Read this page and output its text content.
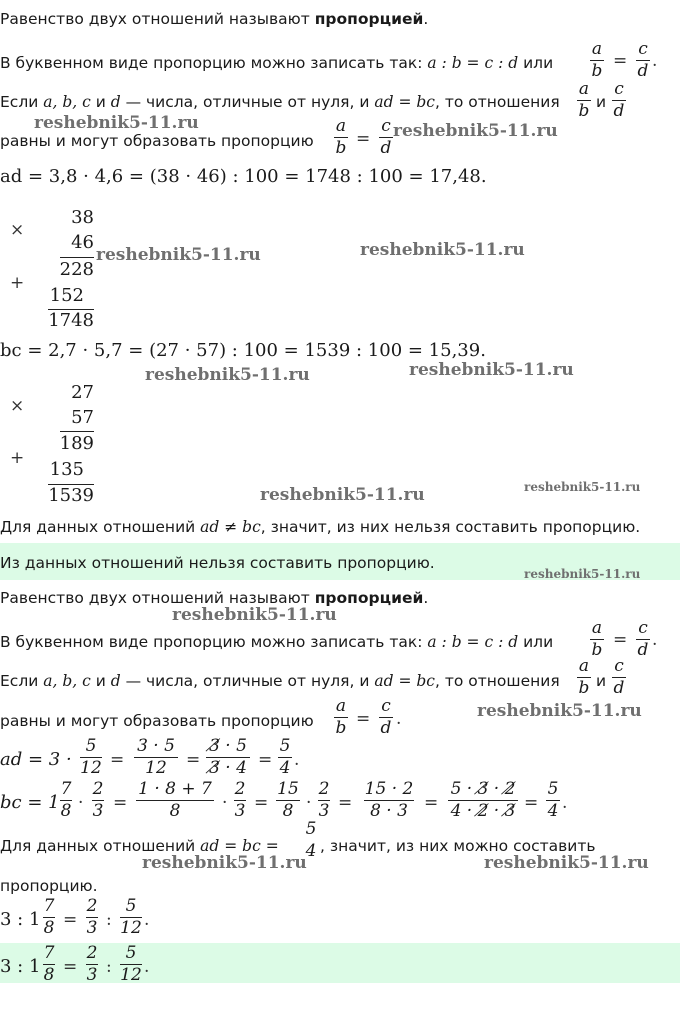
Равенство двух отношений называют пропорцией.
В буквенном виде пропорцию можно записать так: a : b = c : d или
a
b =
c
d .
Если a, b, c и d — числа, отличные от нуля, и ad = bc, то отношения
a
b и
c
d
равны и могут образовать пропорцию
a
b =
c
d
ad = 3,8 · 4,6 = (38 · 46) : 100 = 1748 : 100 = 17,48.
×
38
46
228
+
152
1748
bc = 2,7 · 5,7 = (27 · 57) : 100 = 1539 : 100 = 15,39.
×
27
57
189
+
135
1539
Для данных отношений ad ≠ bc, значит, из них нельзя составить пропорцию.
Из данных отношений нельзя составить пропорцию.
Равенство двух отношений называют пропорцией.
В буквенном виде пропорцию можно записать так: a : b = c : d или
a
b =
c
d .
Если a, b, c и d — числа, отличные от нуля, и ad = bc, то отношения
a
b и
c
d
равны и могут образовать пропорцию
a
b =
c
d .
ad = 3 ·
5
12 =
3 · 5
12	=
3̸ · 5
3̸ · 4 =
5
4 .
bc = 1
7
8 ·
2
3 =
1 · 8 + 7
8	·
2
3 =
15
8 ·
2
3 =
15 · 2
8 · 3 =
5 · 3̸ · 2̸
4 · 2̸ · 3̸ =
5
4 .
Для данных отношений ad = bc =
5
4 , значит, из них можно составить
пропорцию.
3 : 1
7
8 =
2
3 :
5
12 .
3 : 1
7
8 =
2
3 :
5
12 .
reshebnik5-11.ru	reshebnik5-11.ru
reshebnik5-11.ru	reshebnik5-11.ru
reshebnik5-11.ru	reshebnik5-11.ru
reshebnik5-11.ru	reshebnik5-11.ru
reshebnik5-11.ru
reshebnik5-11.ru
reshebnik5-11.ru
reshebnik5-11.ru	reshebnik5-11.ru
